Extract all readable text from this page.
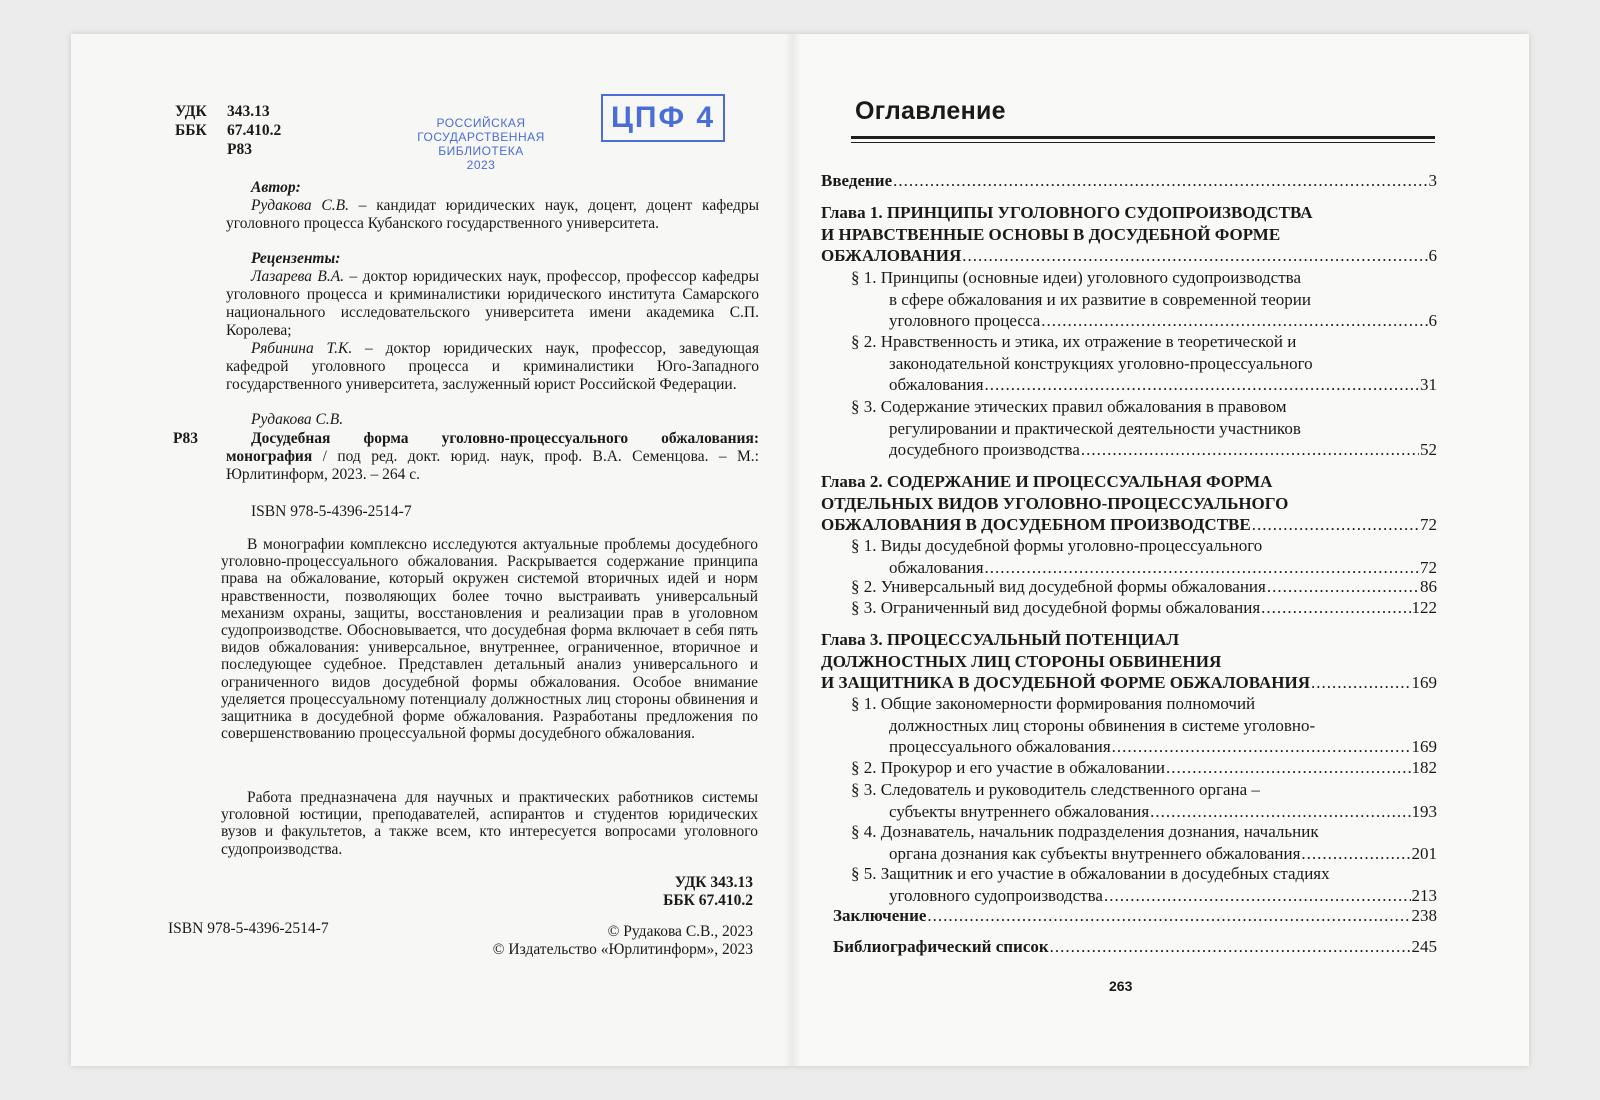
УДК	343.13
ББК	67.410.2
Р83
РОССИЙСКАЯ
ГОСУДАРСТВЕННАЯ
БИБЛИОТЕКА
2023
ЦПФ 4
Автор:
Рудакова С.В. – кандидат юридических наук, доцент, доцент кафедры уголовного процесса Кубанского государственного университета.
Рецензенты:
Лазарева В.А. – доктор юридических наук, профессор, профессор кафедры уголовного процесса и криминалистики юридического института Самарского национального исследовательского университета имени академика С.П. Королева;
Рябинина Т.К. – доктор юридических наук, профессор, заведующая кафедрой уголовного процесса и криминалистики Юго-Западного государственного университета, заслуженный юрист Российской Федерации.
Рудакова С.В.
Р83	Досудебная форма уголовно-процессуального обжалования: монография / под ред. докт. юрид. наук, проф. В.А. Семенцова. – М.: Юрлитинформ, 2023. – 264 с.
ISBN 978-5-4396-2514-7
В монографии комплексно исследуются актуальные проблемы досудебного уголовно-процессуального обжалования. Раскрывается содержание принципа права на обжалование, который окружен системой вторичных идей и норм нравственности, позволяющих более точно выстраивать универсальный механизм охраны, защиты, восстановления и реализации прав в уголовном судопроизводстве. Обосновывается, что досудебная форма включает в себя пять видов обжалования: универсальное, внутреннее, ограниченное, вторичное и последующее судебное. Представлен детальный анализ универсального и ограниченного видов досудебной формы обжалования. Особое внимание уделяется процессуальному потенциалу должностных лиц стороны обвинения и защитника в досудебной форме обжалования. Разработаны предложения по совершенствованию процессуальной формы досудебного обжалования.
Работа предназначена для научных и практических работников системы уголовной юстиции, преподавателей, аспирантов и студентов юридических вузов и факультетов, а также всем, кто интересуется вопросами уголовного судопроизводства.
УДК 343.13
ББК 67.410.2
ISBN 978-5-4396-2514-7	© Рудакова С.В., 2023
© Издательство «Юрлитинформ», 2023
Оглавление
Введение .....	3
Глава 1. ПРИНЦИПЫ УГОЛОВНОГО СУДОПРОИЗВОДСТВА
И НРАВСТВЕННЫЕ ОСНОВЫ В ДОСУДЕБНОЙ ФОРМЕ
ОБЖАЛОВАНИЯ .....	6
§ 1. Принципы (основные идеи) уголовного судопроизводства
в сфере обжалования и их развитие в современной теории
уголовного процесса .....	6
§ 2. Нравственность и этика, их отражение в теоретической и
законодательной конструкциях уголовно-процессуального
обжалования .....	31
§ 3. Содержание этических правил обжалования в правовом
регулировании и практической деятельности участников
досудебного производства .....	52
Глава 2. СОДЕРЖАНИЕ И ПРОЦЕССУАЛЬНАЯ ФОРМА
ОТДЕЛЬНЫХ ВИДОВ УГОЛОВНО-ПРОЦЕССУАЛЬНОГО
ОБЖАЛОВАНИЯ В ДОСУДЕБНОМ ПРОИЗВОДСТВЕ .....	72
§ 1. Виды досудебной формы уголовно-процессуального
обжалования .....	72
§ 2. Универсальный вид досудебной формы обжалования .....	86
§ 3. Ограниченный вид досудебной формы обжалования .....	122
Глава 3. ПРОЦЕССУАЛЬНЫЙ ПОТЕНЦИАЛ
ДОЛЖНОСТНЫХ ЛИЦ СТОРОНЫ ОБВИНЕНИЯ
И ЗАЩИТНИКА В ДОСУДЕБНОЙ ФОРМЕ ОБЖАЛОВАНИЯ .....	169
§ 1. Общие закономерности формирования полномочий
должностных лиц стороны обвинения в системе уголовно-
процессуального обжалования .....	169
§ 2. Прокурор и его участие в обжаловании .....	182
§ 3. Следователь и руководитель следственного органа –
субъекты внутреннего обжалования .....	193
§ 4. Дознаватель, начальник подразделения дознания, начальник
органа дознания как субъекты внутреннего обжалования .....	201
§ 5. Защитник и его участие в обжаловании в досудебных стадиях
уголовного судопроизводства .....	213
Заключение .....	238
Библиографический список .....	245
263
